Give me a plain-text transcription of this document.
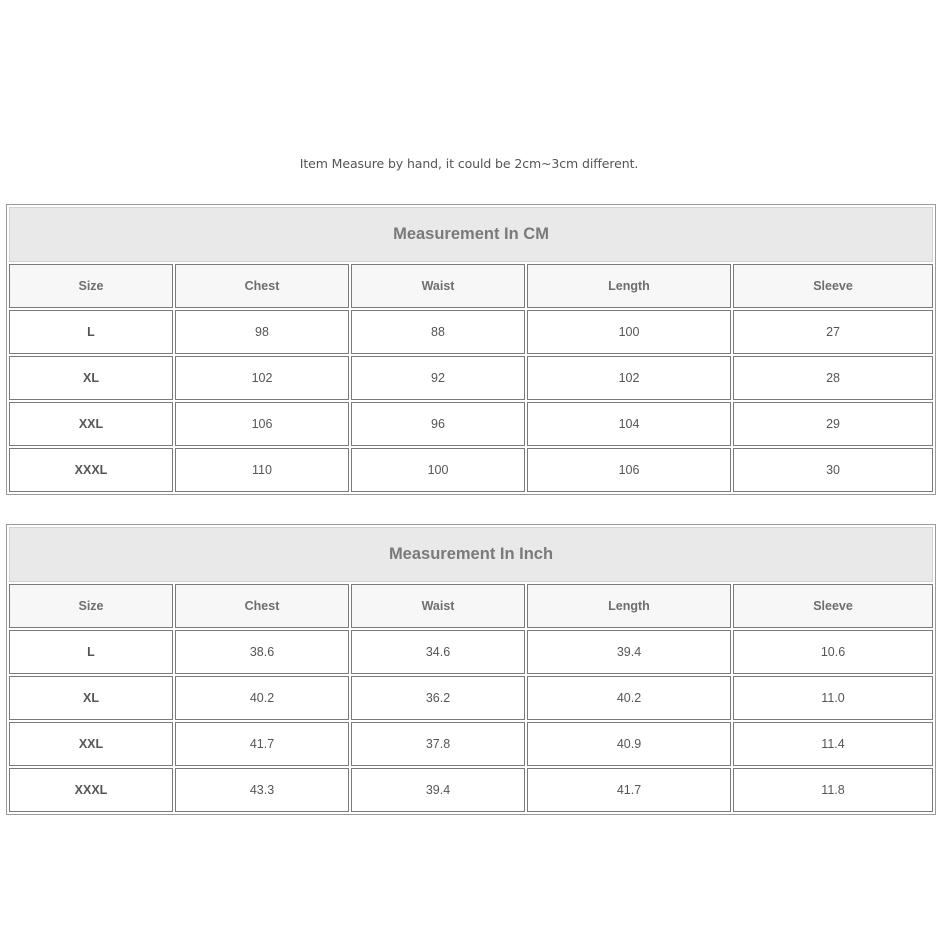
Item Measure by hand, it could be 2cm~3cm different.
Measurement In CM				
Size	Chest	Waist	Length	Sleeve
L	98	88	100	27
XL	102	92	102	28
XXL	106	96	104	29
XXXL	110	100	106	30
Measurement In Inch				
Size	Chest	Waist	Length	Sleeve
L	38.6	34.6	39.4	10.6
XL	40.2	36.2	40.2	11.0
XXL	41.7	37.8	40.9	11.4
XXXL	43.3	39.4	41.7	11.8
